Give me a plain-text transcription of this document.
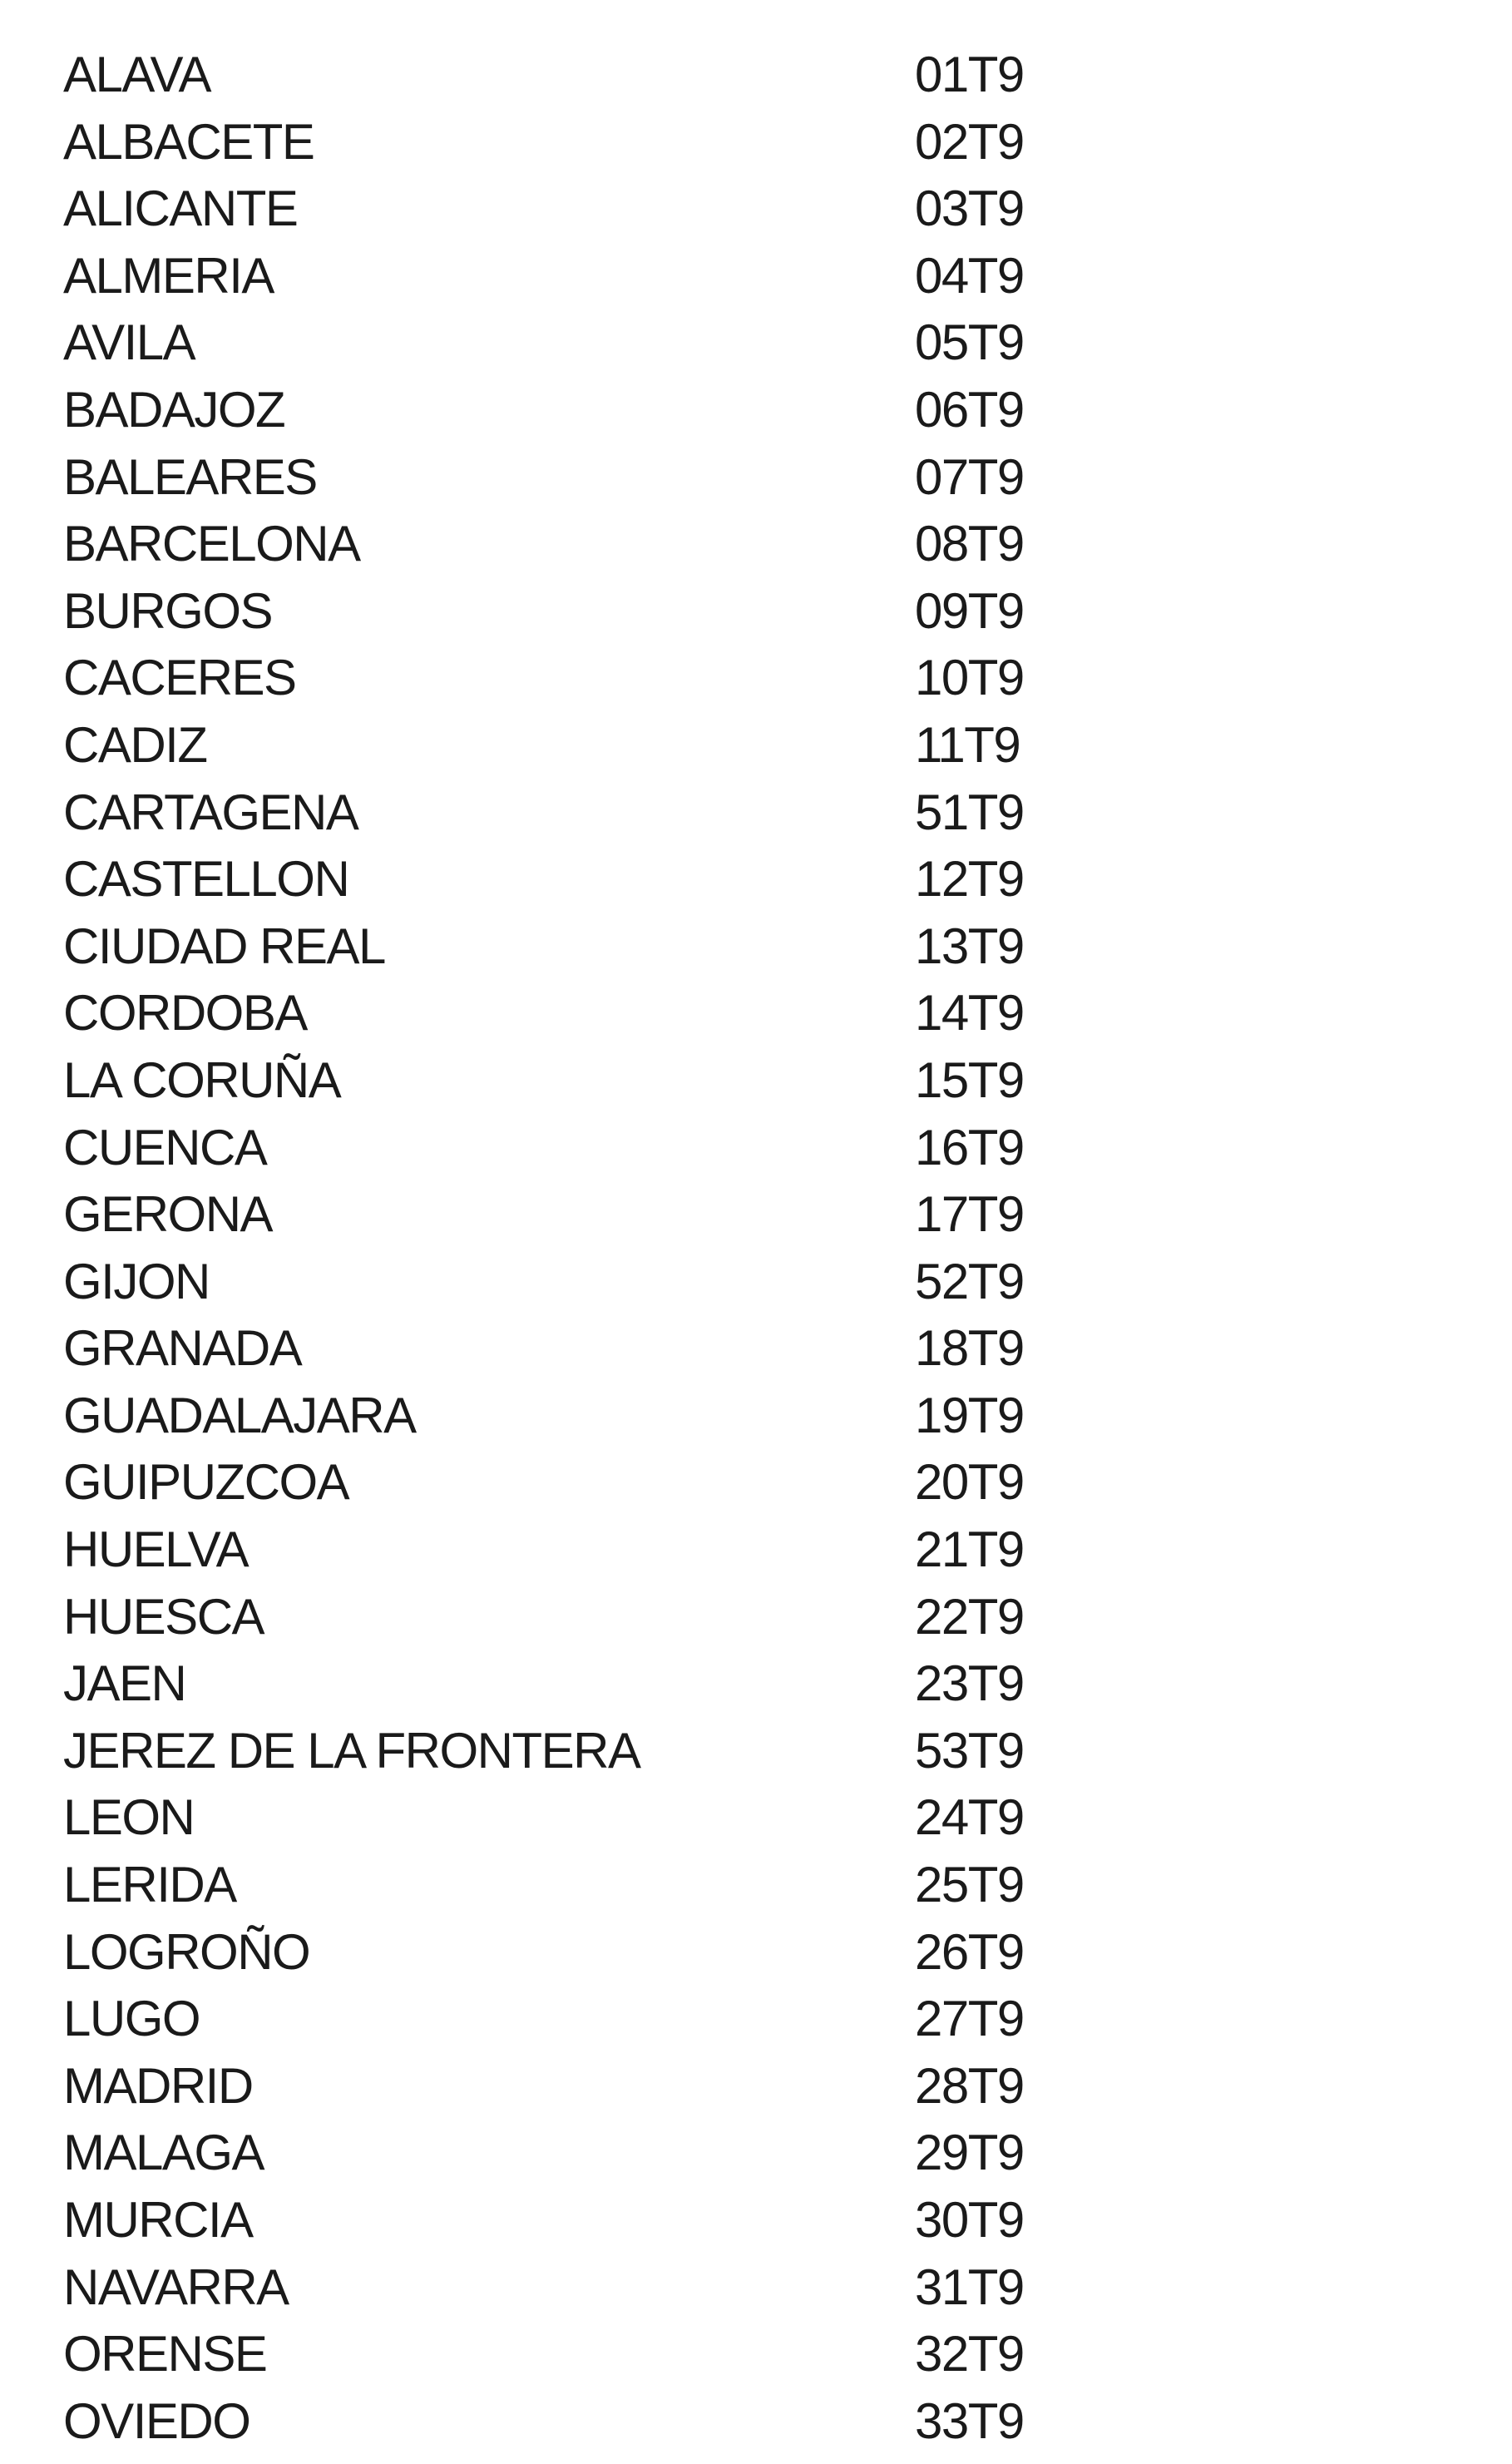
ALAVA	01T9
ALBACETE	02T9
ALICANTE	03T9
ALMERIA	04T9
AVILA	05T9
BADAJOZ	06T9
BALEARES	07T9
BARCELONA	08T9
BURGOS	09T9
CACERES	10T9
CADIZ	11T9
CARTAGENA	51T9
CASTELLON	12T9
CIUDAD REAL	13T9
CORDOBA	14T9
LA CORUÑA	15T9
CUENCA	16T9
GERONA	17T9
GIJON	52T9
GRANADA	18T9
GUADALAJARA	19T9
GUIPUZCOA	20T9
HUELVA	21T9
HUESCA	22T9
JAEN	23T9
JEREZ DE LA FRONTERA	53T9
LEON	24T9
LERIDA	25T9
LOGROÑO	26T9
LUGO	27T9
MADRID	28T9
MALAGA	29T9
MURCIA	30T9
NAVARRA	31T9
ORENSE	32T9
OVIEDO	33T9
